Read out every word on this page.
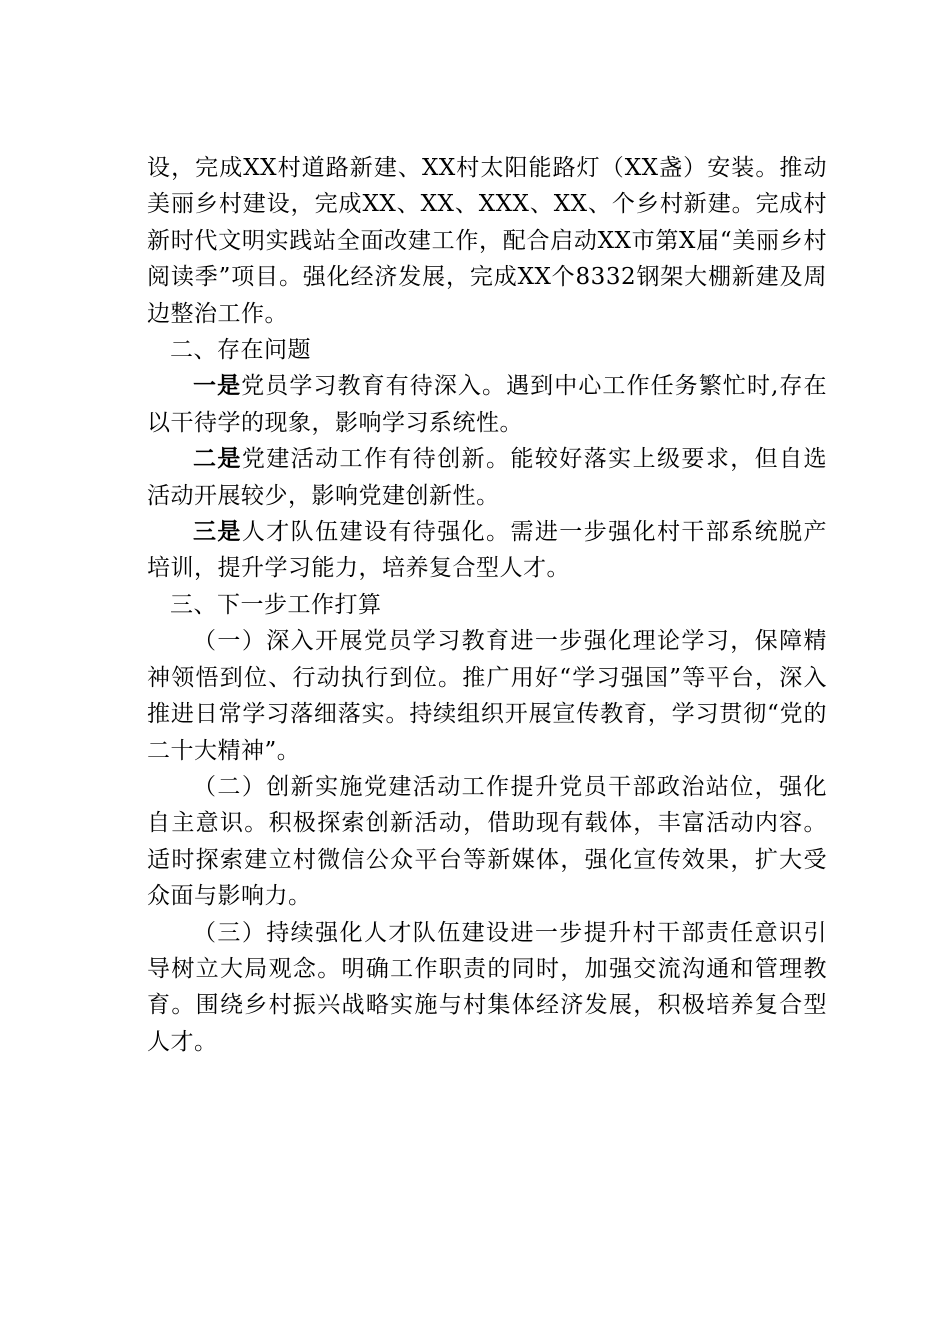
设，完成XX村道路新建、XX村太阳能路灯（XX盏）安装。推动美丽乡村建设，完成XX、XX、XXX、XX、个乡村新建。完成村新时代文明实践站全面改建工作，配合启动XX市第X届“美丽乡村阅读季”项目。强化经济发展，完成XX个8332钢架大棚新建及周边整治工作。

二、存在问题

一是党员学习教育有待深入。遇到中心工作任务繁忙时,存在以干待学的现象，影响学习系统性。

二是党建活动工作有待创新。能较好落实上级要求，但自选活动开展较少，影响党建创新性。

三是人才队伍建设有待强化。需进一步强化村干部系统脱产培训，提升学习能力，培养复合型人才。

三、下一步工作打算

（一）深入开展党员学习教育进一步强化理论学习，保障精神领悟到位、行动执行到位。推广用好“学习强国”等平台，深入推进日常学习落细落实。持续组织开展宣传教育，学习贯彻“党的二十大精神”。

（二）创新实施党建活动工作提升党员干部政治站位，强化自主意识。积极探索创新活动，借助现有载体，丰富活动内容。适时探索建立村微信公众平台等新媒体，强化宣传效果，扩大受众面与影响力。

（三）持续强化人才队伍建设进一步提升村干部责任意识引导树立大局观念。明确工作职责的同时，加强交流沟通和管理教育。围绕乡村振兴战略实施与村集体经济发展，积极培养复合型人才。
